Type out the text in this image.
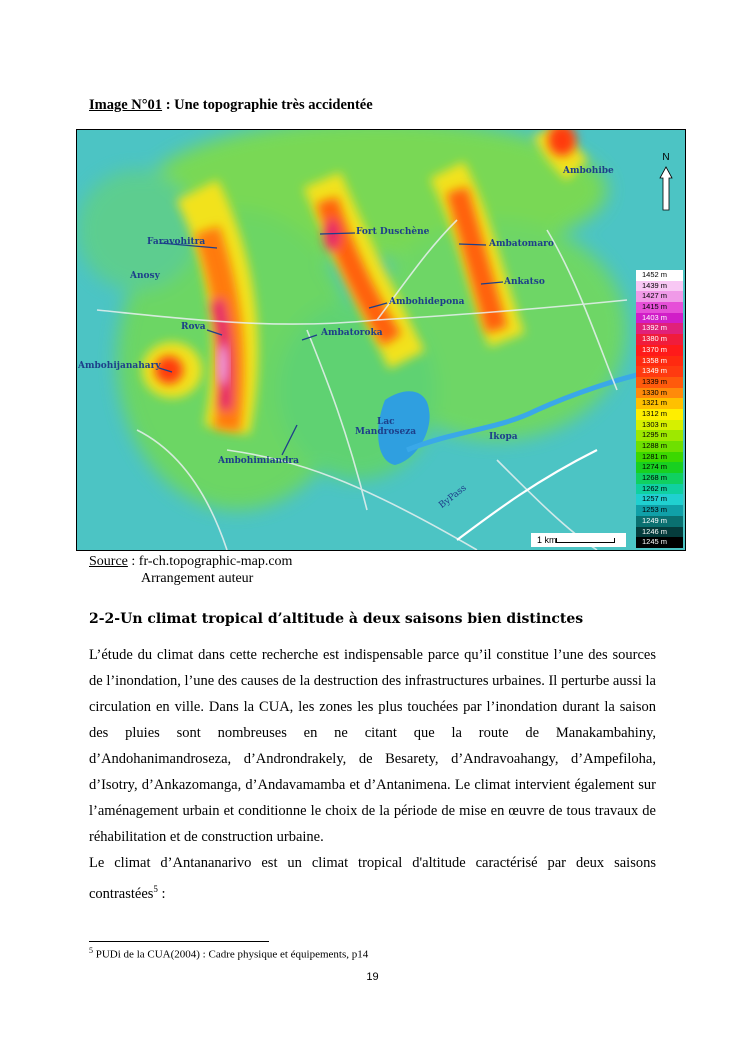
Image N°01 : Une topographie très accidentée
N
Ambohibe
Fort Duschène
Faravohitra	Ambatomaro
Anosy
Ankatso
Ambohidepona
Rova
Ambatoroka
Ambohijanahary
Lac
Mandroseza	Ikopa
Ambohimiandra
ByPass
1452 m
1439 m
1427 m
1415 m
1403 m
1392 m
1380 m
1370 m
1358 m
1349 m
1339 m
1330 m
1321 m
1312 m
1303 m
1295 m
1288 m
1281 m
1274 m
1268 m
1262 m
1257 m
1253 m
1249 m
1246 m
1245 m
1 km
Source : fr-ch.topographic-map.com
Arrangement auteur
2-2-Un climat tropical d’altitude à deux saisons bien distinctes

L’étude du climat dans cette recherche est indispensable parce qu’il constitue l’une des sources de l’inondation, l’une des causes de la destruction des infrastructures urbaines. Il perturbe aussi la circulation en ville. Dans la CUA, les zones les plus touchées par l’inondation durant la saison des pluies sont nombreuses en ne citant que la route de Manakambahiny, d’Andohanimandroseza, d’Androndrakely, de Besarety, d’Andravoahangy, d’Ampefiloha, d’Isotry, d’Ankazomanga, d’Andavamamba et d’Antanimena. Le climat intervient également sur l’aménagement urbain et conditionne le choix de la période de mise en œuvre de tous travaux de réhabilitation et de construction urbaine.

Le climat d’Antananarivo est un climat tropical d'altitude caractérisé par deux saisons contrastées$^5$ :

$^5$ PUDi de la CUA(2004) : Cadre physique et équipements, p14
19
